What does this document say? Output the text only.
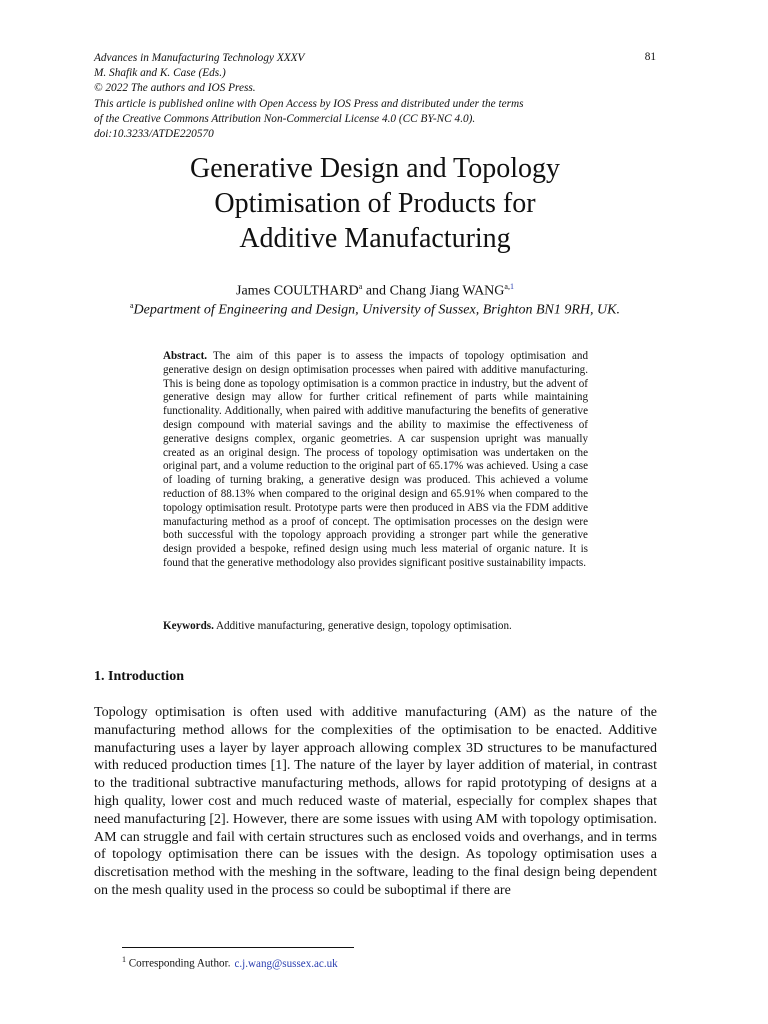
Advances in Manufacturing Technology XXXV
M. Shafik and K. Case (Eds.)
© 2022 The authors and IOS Press.
This article is published online with Open Access by IOS Press and distributed under the terms
of the Creative Commons Attribution Non-Commercial License 4.0 (CC BY-NC 4.0).
doi:10.3233/ATDE220570
81
Generative Design and Topology
Optimisation of Products for
Additive Manufacturing
James COULTHARD$^a$ and Chang Jiang WANG$^{a,1}$
$^a$Department of Engineering and Design, University of Sussex, Brighton BN1 9RH, UK.
Abstract. The aim of this paper is to assess the impacts of topology optimisation and generative design on design optimisation processes when paired with additive manufacturing. This is being done as topology optimisation is a common practice in industry, but the advent of generative design may allow for further critical refinement of parts while maintaining functionality. Additionally, when paired with additive manufacturing the benefits of generative design compound with material savings and the ability to maximise the effectiveness of generative designs complex, organic geometries. A car suspension upright was manually created as an original design. The process of topology optimisation was undertaken on the original part, and a volume reduction to the original part of 65.17% was achieved. Using a case of loading of turning braking, a generative design was produced. This achieved a volume reduction of 88.13% when compared to the original design and 65.91% when compared to the topology optimisation result. Prototype parts were then produced in ABS via the FDM additive manufacturing method as a proof of concept. The optimisation processes on the design were both successful with the topology approach providing a stronger part while the generative design provided a bespoke, refined design using much less material of organic nature. It is found that the generative methodology also provides significant positive sustainability impacts.
Keywords. Additive manufacturing, generative design, topology optimisation.
1. Introduction
Topology optimisation is often used with additive manufacturing (AM) as the nature of the manufacturing method allows for the complexities of the optimisation to be enacted. Additive manufacturing uses a layer by layer approach allowing complex 3D structures to be manufactured with reduced production times [1]. The nature of the layer by layer addition of material, in contrast to the traditional subtractive manufacturing methods, allows for rapid prototyping of designs at a high quality, lower cost and much reduced waste of material, especially for complex shapes that need manufacturing [2]. However, there are some issues with using AM with topology optimisation. AM can struggle and fail with certain structures such as enclosed voids and overhangs, and in terms of topology optimisation there can be issues with the design. As topology optimisation uses a discretisation method with the meshing in the software, leading to the final design being dependent on the mesh quality used in the process so could be suboptimal if there are
$^1$ Corresponding Author. c.j.wang@sussex.ac.uk
